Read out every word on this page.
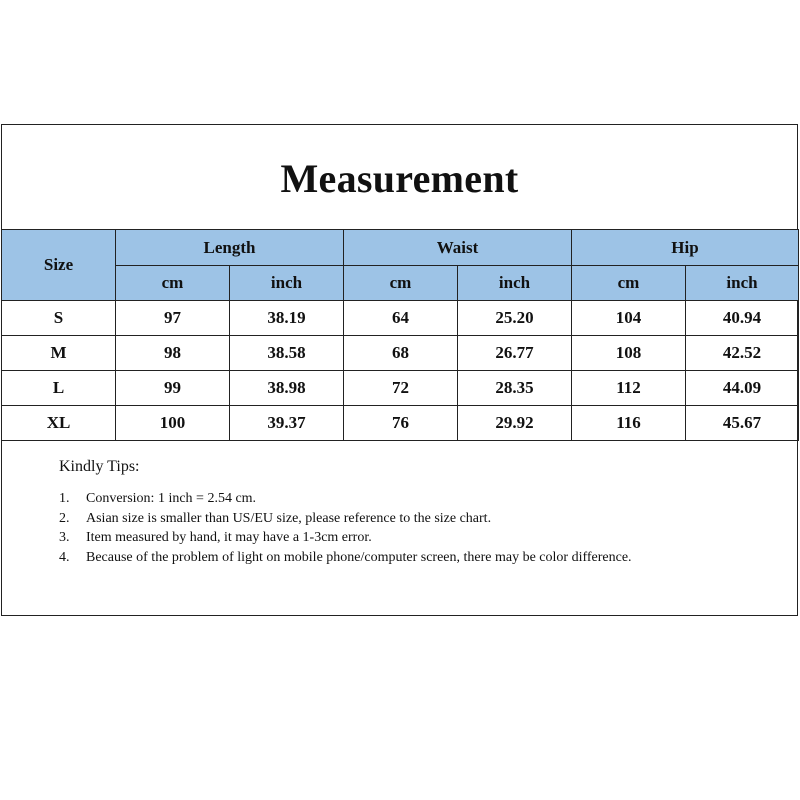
Measurement
Size	Length		Waist		Hip	
	cm	inch	cm	inch	cm	inch
S	97	38.19	64	25.20	104	40.94
M	98	38.58	68	26.77	108	42.52
L	99	38.98	72	28.35	112	44.09
XL	100	39.37	76	29.92	116	45.67
Kindly Tips:
1.	Conversion: 1 inch = 2.54 cm.
2.	Asian size is smaller than US/EU size, please reference to the size chart.
3.	Item measured by hand, it may have a 1-3cm error.
4.	Because of the problem of light on mobile phone/computer screen, there may be color difference.
